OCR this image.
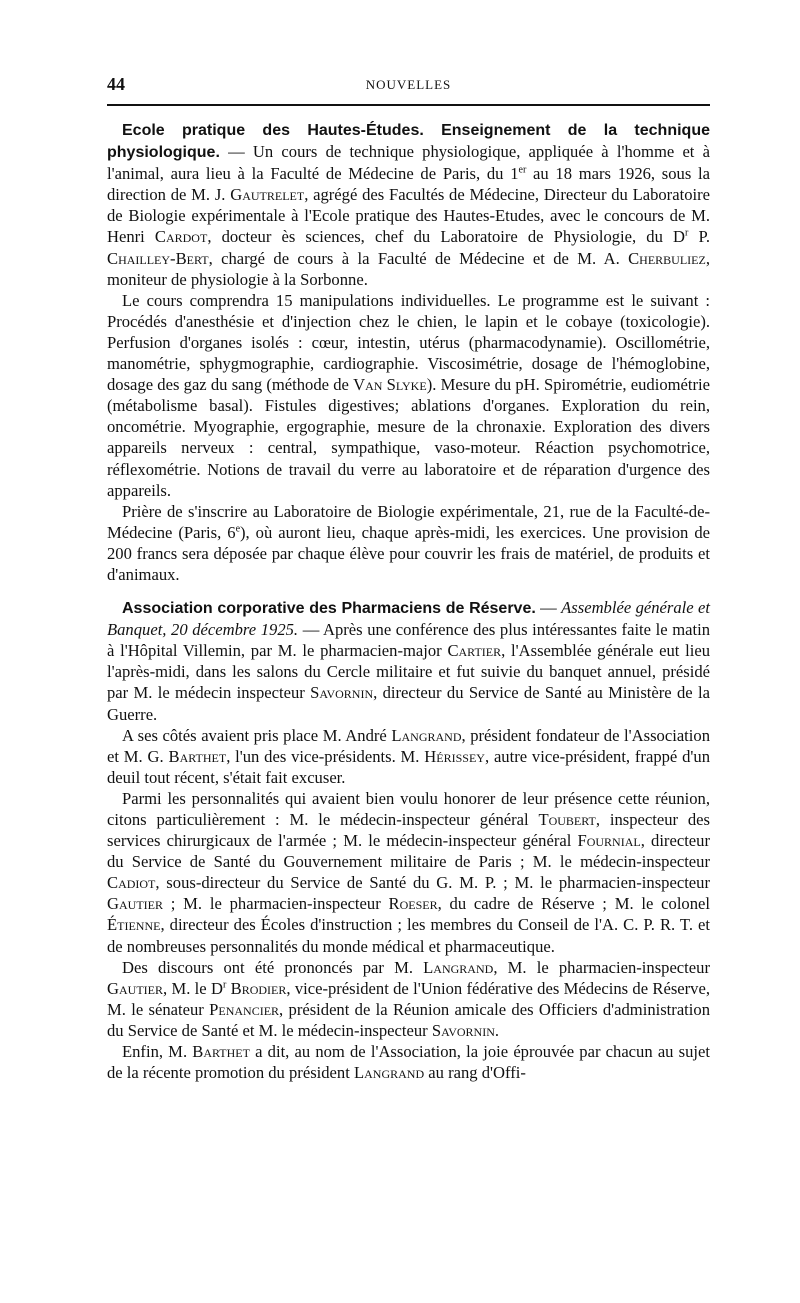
44	NOUVELLES

Ecole pratique des Hautes-Études. Enseignement de la technique physiologique. — Un cours de technique physiologique, appliquée à l'homme et à l'animal, aura lieu à la Faculté de Médecine de Paris, du 1er au 18 mars 1926, sous la direction de M. J. Gautrelet, agrégé des Facultés de Médecine, Directeur du Laboratoire de Biologie expérimentale à l'Ecole pratique des Hautes-Etudes, avec le concours de M. Henri Cardot, docteur ès sciences, chef du Laboratoire de Physiologie, du $D^r$ P. Chailley-Bert, chargé de cours à la Faculté de Médecine et de M. A. Cherbuliez, moniteur de physiologie à la Sorbonne.

Le cours comprendra 15 manipulations individuelles. Le programme est le suivant : Procédés d'anesthésie et d'injection chez le chien, le lapin et le cobaye (toxicologie). Perfusion d'organes isolés : cœur, intestin, utérus (pharmacodynamie). Oscillométrie, manométrie, sphygmographie, cardiographie. Viscosimétrie, dosage de l'hémoglobine, dosage des gaz du sang (méthode de Van Slyke). Mesure du pH. Spirométrie, eudiométrie (métabolisme basal). Fistules digestives; ablations d'organes. Exploration du rein, oncométrie. Myographie, ergographie, mesure de la chronaxie. Exploration des divers appareils nerveux : central, sympathique, vaso-moteur. Réaction psychomotrice, réflexométrie. Notions de travail du verre au laboratoire et de réparation d'urgence des appareils.

Prière de s'inscrire au Laboratoire de Biologie expérimentale, 21, rue de la Faculté-de-Médecine (Paris, 6e), où auront lieu, chaque après-midi, les exercices. Une provision de 200 francs sera déposée par chaque élève pour couvrir les frais de matériel, de produits et d'animaux.

Association corporative des Pharmaciens de Réserve. — Assemblée générale et Banquet, 20 décembre 1925. — Après une conférence des plus intéressantes faite le matin à l'Hôpital Villemin, par M. le pharmacien-major Cartier, l'Assemblée générale eut lieu l'après-midi, dans les salons du Cercle militaire et fut suivie du banquet annuel, présidé par M. le médecin inspecteur Savornin, directeur du Service de Santé au Ministère de la Guerre.

A ses côtés avaient pris place M. André Langrand, président fondateur de l'Association et M. G. Barthet, l'un des vice-présidents. M. Hérissey, autre vice-président, frappé d'un deuil tout récent, s'était fait excuser.

Parmi les personnalités qui avaient bien voulu honorer de leur présence cette réunion, citons particulièrement : M. le médecin-inspecteur général Toubert, inspecteur des services chirurgicaux de l'armée ; M. le médecin-inspecteur général Fournial, directeur du Service de Santé du Gouvernement militaire de Paris ; M. le médecin-inspecteur Cadiot, sous-directeur du Service de Santé du G. M. P. ; M. le pharmacien-inspecteur Gautier ; M. le pharmacien-inspecteur Roeser, du cadre de Réserve ; M. le colonel Étienne, directeur des Écoles d'instruction ; les membres du Conseil de l'A. C. P. R. T. et de nombreuses personnalités du monde médical et pharmaceutique.

Des discours ont été prononcés par M. Langrand, M. le pharmacien-inspecteur Gautier, M. le $D^r$ Brodier, vice-président de l'Union fédérative des Médecins de Réserve, M. le sénateur Penancier, président de la Réunion amicale des Officiers d'administration du Service de Santé et M. le médecin-inspecteur Savornin.

Enfin, M. Barthet a dit, au nom de l'Association, la joie éprouvée par chacun au sujet de la récente promotion du président Langrand au rang d'Offi-
